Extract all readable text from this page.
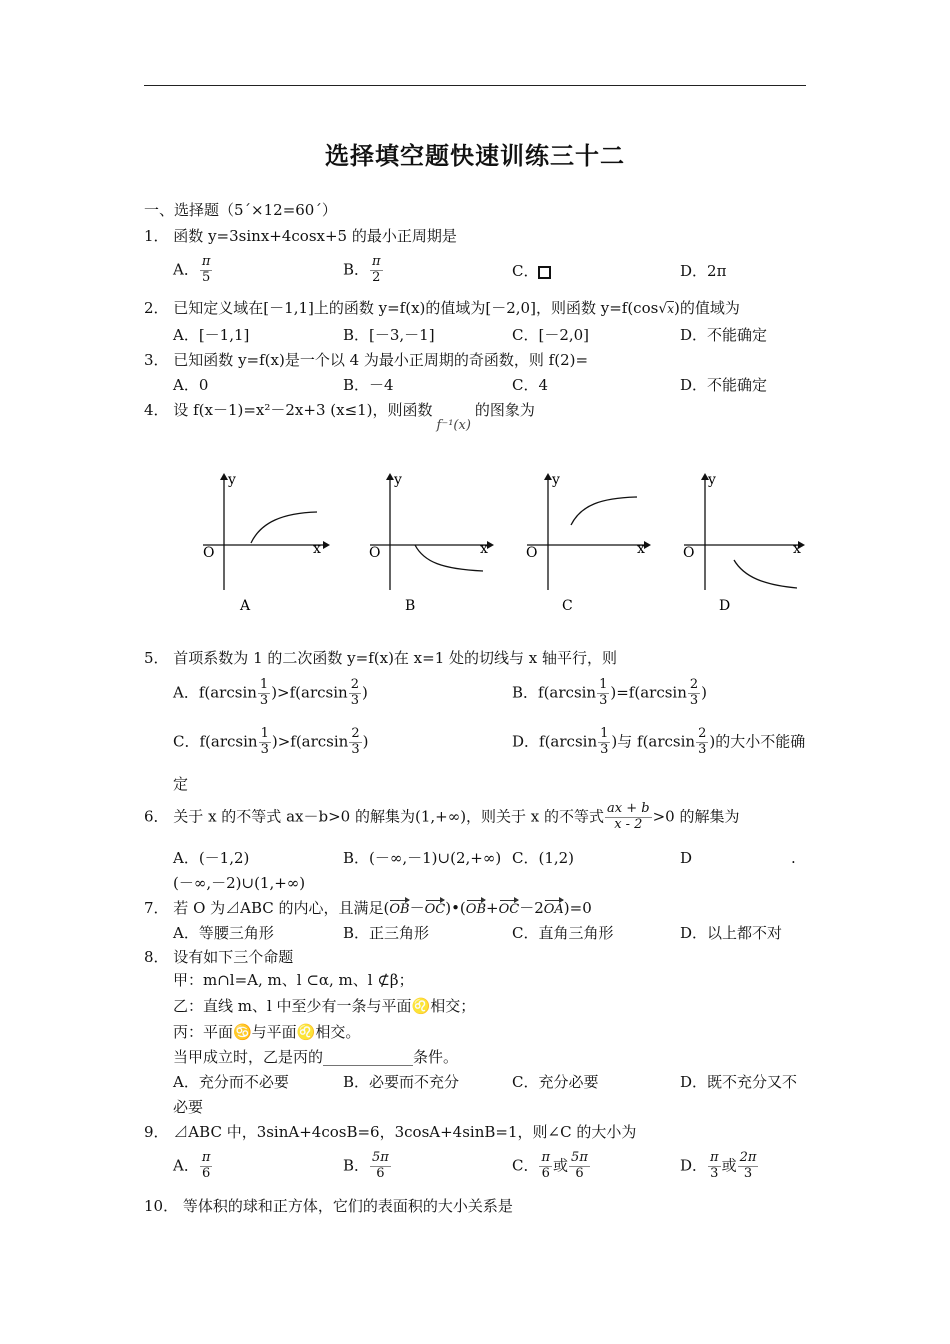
选择填空题快速训练三十二
一、选择题（5´×12=60´）
1． 函数 y=3sinx+4cosx+5 的最小正周期是
A． $\frac{\pi}{5}$	B． $\frac{\pi}{2}$	C．	D．2π
2． 已知定义域在[－1,1]上的函数 y=f(x)的值域为[－2,0]，则函数 y=f(cos√x)的值域为
A．[－1,1]	B．[－3,－1]	C．[－2,0]	D．不能确定
3． 已知函数 y=f(x)是一个以 4 为最小正周期的奇函数，则 f(2)=
A．0	B．－4	C．4	D．不能确定
4． 设 f(x－1)=x²－2x+3 (x≤1)，则函数f⁻¹(x)的图象为
y
x
O
A
y
x
O
B
y
x
O
C
y
x
O
D
5． 首项系数为 1 的二次函数 y=f(x)在 x=1 处的切线与 x 轴平行，则
A．$f(\arcsin \frac{1}{3} )>f(\arcsin \frac{2}{3}$ )	B．$f(\arcsin \frac{1}{3} )=f(\arcsin \frac{2}{3}$ )
C．$f(\arcsin \frac{1}{3} )>f(\arcsin \frac{2}{3}$ )	D．$f(\arcsin \frac{1}{3}$ )与 $f(\arcsin \frac{2}{3}$ )的大小不能确
定
6． 关于 x 的不等式 ax－b>0 的解集为(1,+∞)，则关于 x 的不等式 $\frac{ax + b}{x - 2} >0$ 的解集为
A．(－1,2)	B．(－∞,－1)∪(2,+∞) C．(1,2)	D	.
(－∞,－2)∪(1,+∞)
7． 若 O 为⊿ABC 的内心，且满足(OB－OC)•(OB+OC－2OA)=0
A．等腰三角形	B．正三角形	C．直角三角形	D．以上都不对
8． 设有如下三个命题
甲：m∩l=A, m、l ⊂α, m、l ⊄β；
乙：直线 m、l 中至少有一条与平面♌相交；
丙：平面♋与平面♌相交。
当甲成立时，乙是丙的____________条件。
A．充分而不必要	B．必要而不充分	C．充分必要	D．既不充分又不
必要
9． ⊿ABC 中，3sinA+4cosB=6，3cosA+4sinB=1，则∠C 的大小为
A． $\frac{\pi}{6}$	B． $\frac{5\pi}{6}$	C． $\frac{\pi}{6}$ 或 $\frac{5\pi}{6}$	D． $\frac{\pi}{3}$ 或 $\frac{2\pi}{3}$
10． 等体积的球和正方体，它们的表面积的大小关系是
